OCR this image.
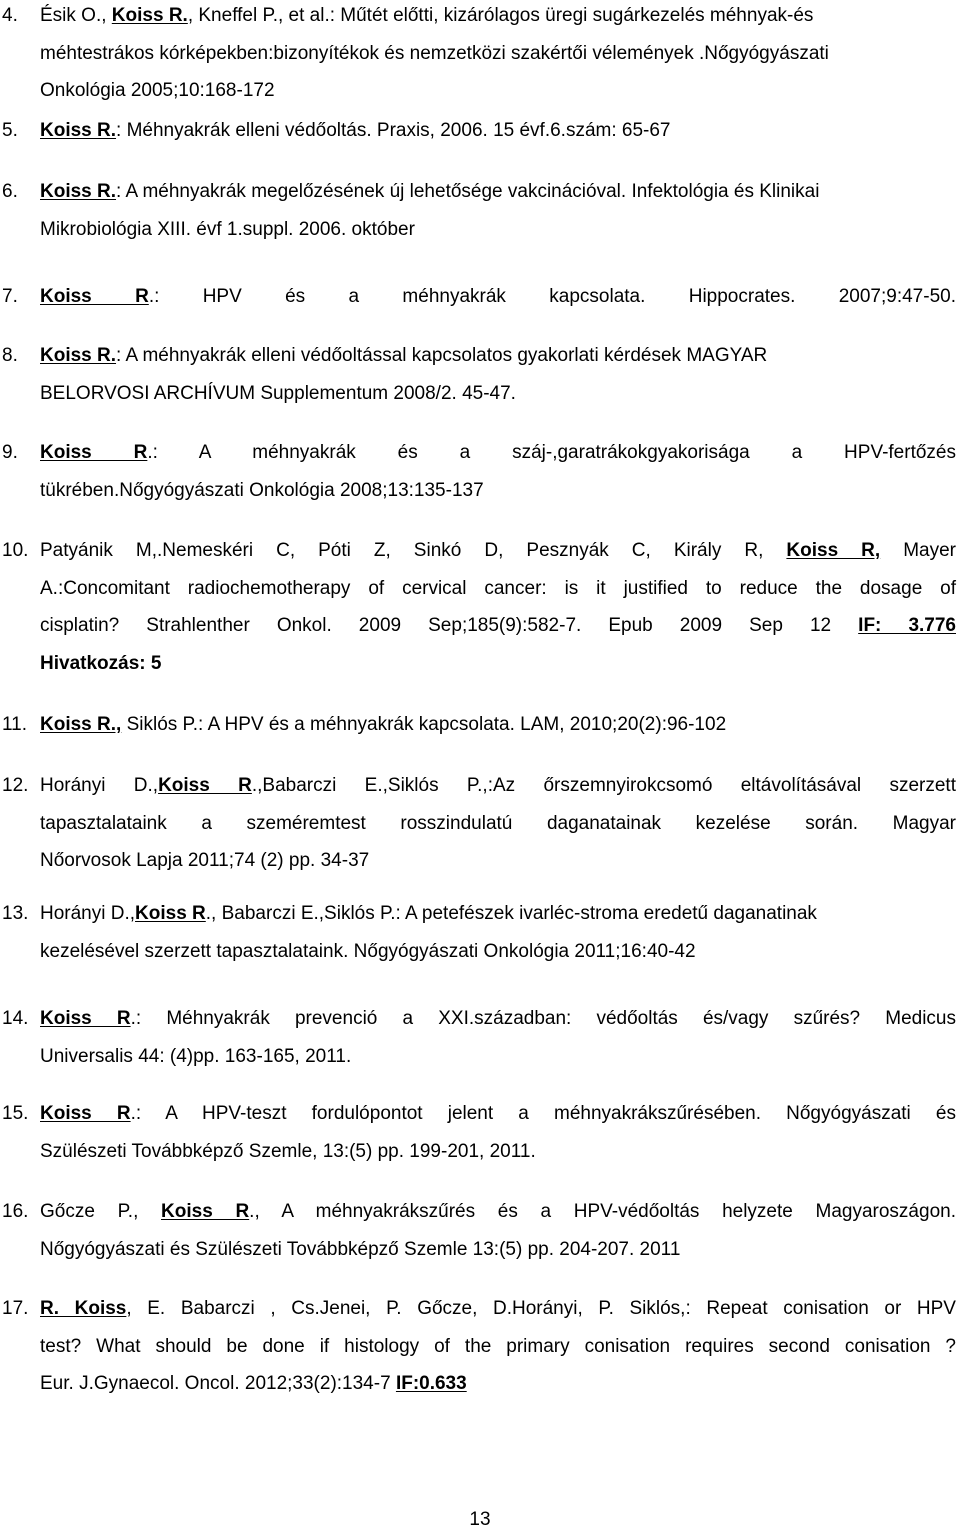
4. Ésik O., Koiss R., Kneffel P., et al.: Műtét előtti, kizárólagos üregi sugárkezelés méhnyak-és
méhtestrákos kórképekben:bizonyítékok és nemzetközi szakértői vélemények .Nőgyógyászati
Onkológia 2005;10:168-172
5. Koiss R.: Méhnyakrák elleni védőoltás. Praxis, 2006. 15 évf.6.szám: 65-67
6. Koiss R.: A méhnyakrák megelőzésének új lehetősége vakcinációval. Infektológia és Klinikai
Mikrobiológia XIII. évf 1.suppl. 2006. október
7. Koiss R.: HPV és a méhnyakrák kapcsolata. Hippocrates. 2007;9:47-50.
8. Koiss R.: A méhnyakrák elleni védőoltással kapcsolatos gyakorlati kérdések MAGYAR
BELORVOSI ARCHÍVUM Supplementum 2008/2. 45-47.
9. Koiss R.: A méhnyakrák és a száj-,garatrákokgyakorisága a HPV-fertőzés
tükrében.Nőgyógyászati Onkológia 2008;13:135-137
10. Patyánik M,.Nemeskéri C, Póti Z, Sinkó D, Pesznyák C, Király R, Koiss R, Mayer
A.:Concomitant radiochemotherapy of cervical cancer: is it justified to reduce the dosage of
cisplatin? Strahlenther Onkol. 2009 Sep;185(9):582-7. Epub 2009 Sep 12 IF: 3.776
Hivatkozás: 5
11. Koiss R., Siklós P.: A HPV és a méhnyakrák kapcsolata. LAM, 2010;20(2):96-102
12. Horányi D.,Koiss R.,Babarczi E.,Siklós P.,:Az őrszemnyirokcsomó eltávolításával szerzett
tapasztalataink a szeméremtest rosszindulatú daganatainak kezelése során. Magyar
Nőorvosok Lapja 2011;74 (2) pp. 34-37
13. Horányi D.,Koiss R., Babarczi E.,Siklós P.: A petefészek ivarléc-stroma eredetű daganatinak
kezelésével szerzett tapasztalataink. Nőgyógyászati Onkológia 2011;16:40-42
14. Koiss R.: Méhnyakrák prevenció a XXI.században: védőoltás és/vagy szűrés? Medicus
Universalis 44: (4)pp. 163-165, 2011.
15. Koiss R.: A HPV-teszt fordulópontot jelent a méhnyakrákszűrésében. Nőgyógyászati és
Szülészeti Továbbképző Szemle, 13:(5) pp. 199-201, 2011.
16. Gőcze P., Koiss R., A méhnyakrákszűrés és a HPV-védőoltás helyzete Magyaroszágon.
Nőgyógyászati és Szülészeti Továbbképző Szemle 13:(5) pp. 204-207. 2011
17. R. Koiss, E. Babarczi , Cs.Jenei, P. Gőcze, D.Horányi, P. Siklós,: Repeat conisation or HPV
test? What should be done if histology of the primary conisation requires second conisation ?
Eur. J.Gynaecol. Oncol. 2012;33(2):134-7 IF:0.633
13
